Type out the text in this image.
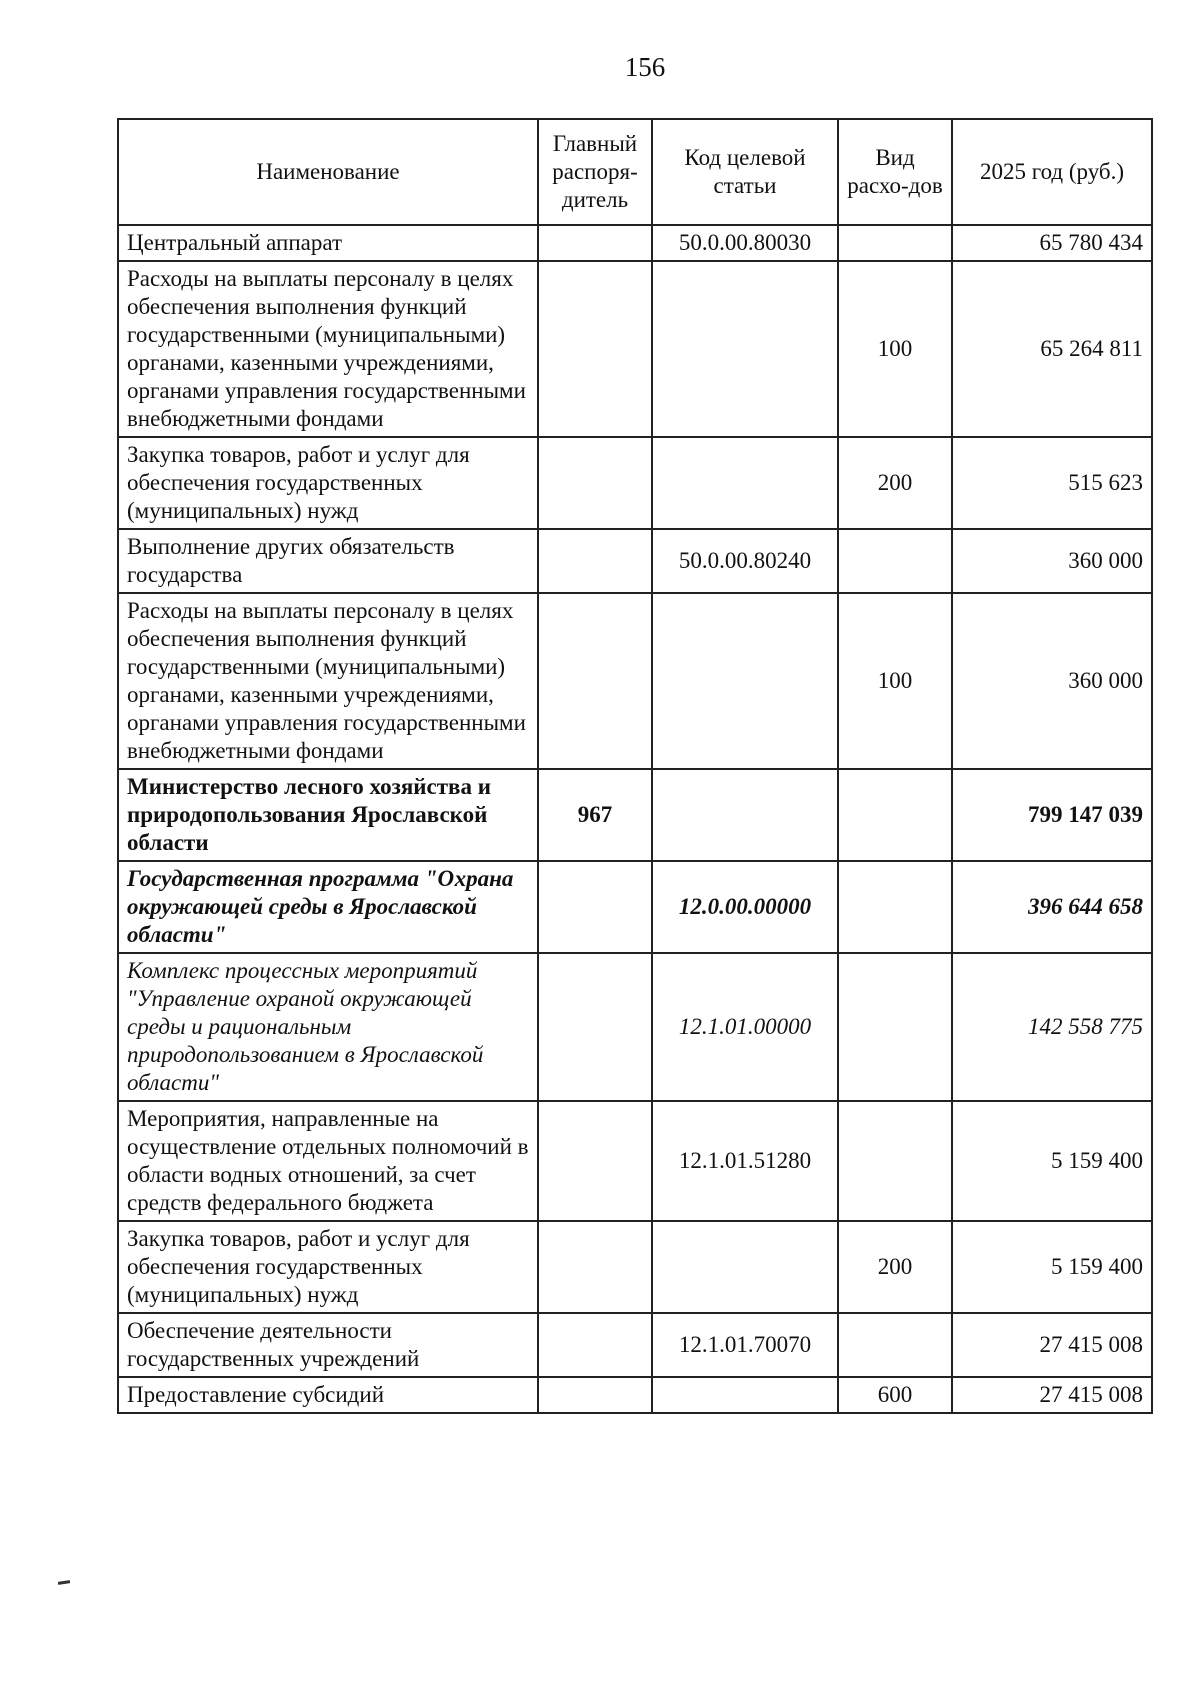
156
Наименование	Главный распоря-дитель	Код целевой статьи	Вид расхо-дов	2025 год (руб.)
Центральный аппарат		50.0.00.80030		65 780 434
Расходы на выплаты персоналу в целях обеспечения выполнения функций государственными (муниципальными) органами, казенными учреждениями, органами управления государственными внебюджетными фондами			100	65 264 811
Закупка товаров, работ и услуг для обеспечения государственных (муниципальных) нужд			200	515 623
Выполнение других обязательств государства		50.0.00.80240		360 000
Расходы на выплаты персоналу в целях обеспечения выполнения функций государственными (муниципальными) органами, казенными учреждениями, органами управления государственными внебюджетными фондами			100	360 000
Министерство лесного хозяйства и природопользования Ярославской области	967			799 147 039
Государственная программа "Охрана окружающей среды в Ярославской области"		12.0.00.00000		396 644 658
Комплекс процессных мероприятий "Управление охраной окружающей среды и рациональным природопользованием в Ярославской области"		12.1.01.00000		142 558 775
Мероприятия, направленные на осуществление отдельных полномочий в области водных отношений, за счет средств федерального бюджета		12.1.01.51280		5 159 400
Закупка товаров, работ и услуг для обеспечения государственных (муниципальных) нужд			200	5 159 400
Обеспечение деятельности государственных учреждений		12.1.01.70070		27 415 008
Предоставление субсидий			600	27 415 008
